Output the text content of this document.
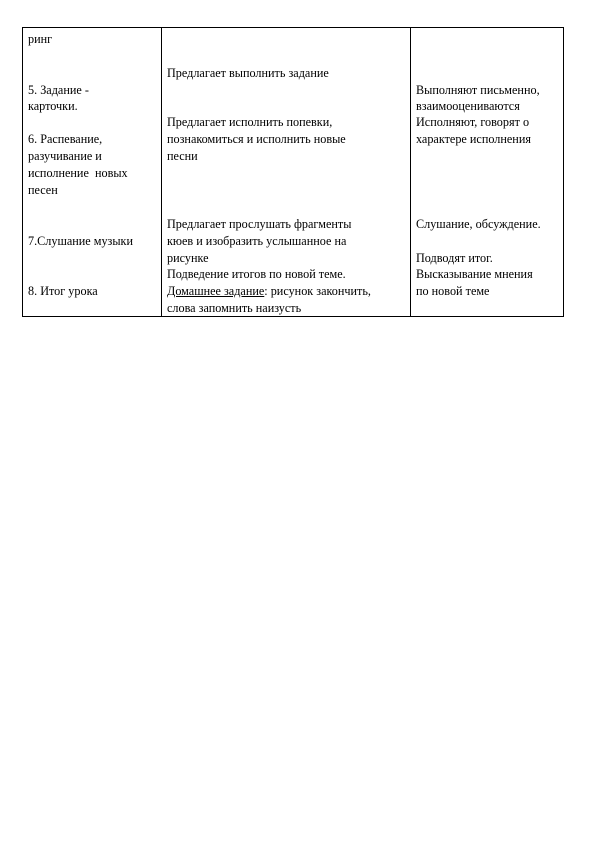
ринг

5. Задание -

карточки.

6. Распевание,

разучивание и

исполнение  новых

песен

7.Слушание музыки

8. Итог урока

Предлагает выполнить задание

Предлагает исполнить попевки,

познакомиться и исполнить новые

песни

Предлагает прослушать фрагменты

кюев и изобразить услышанное на

рисунке

Подведение итогов по новой теме.

Домашнее задание: рисунок закончить,

слова запомнить наизусть

Выполняют письменно,

взаимооцениваются

Исполняют, говорят о

характере исполнения

Слушание, обсуждение.

Подводят итог.

Высказывание мнения

по новой теме
